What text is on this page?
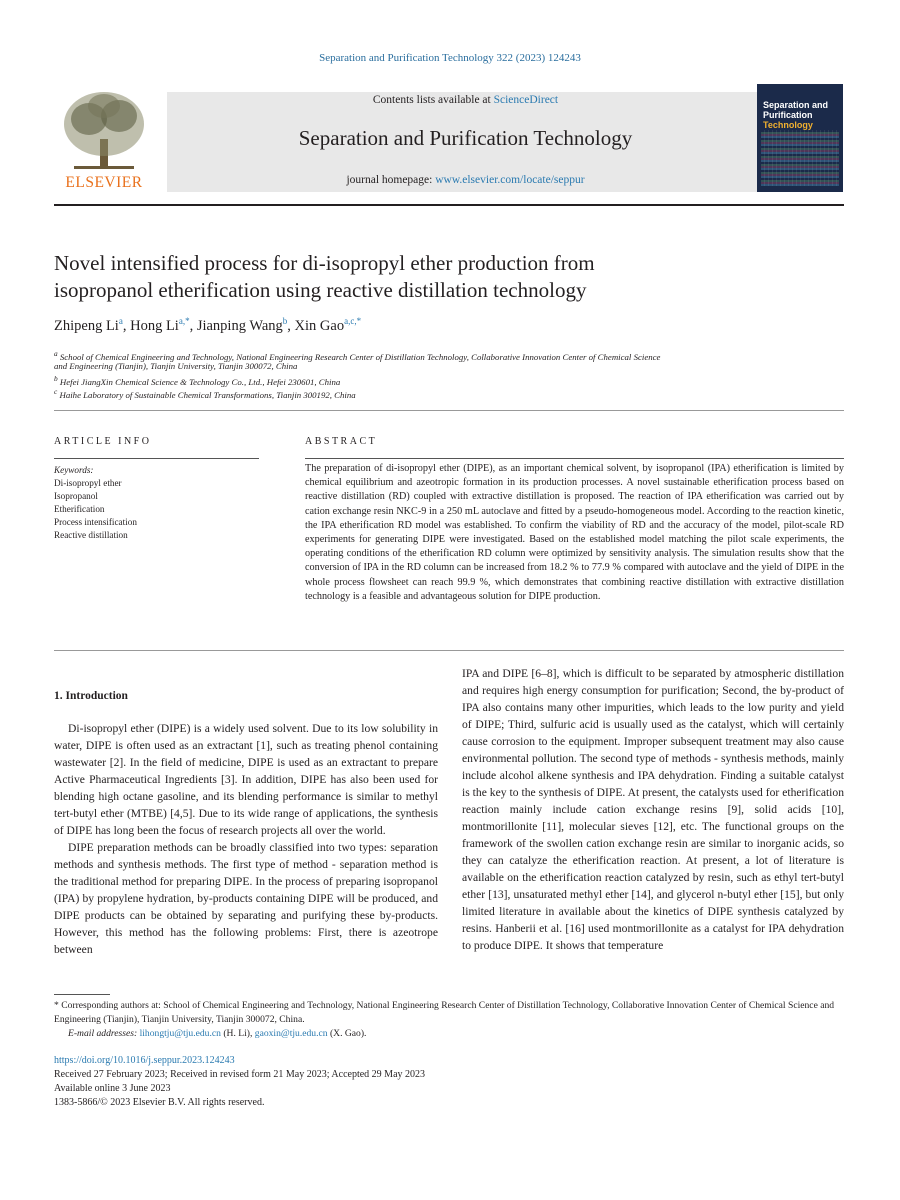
Separation and Purification Technology 322 (2023) 124243
ELSEVIER
Contents lists available at ScienceDirect
Separation and Purification Technology
journal homepage: www.elsevier.com/locate/seppur
Separation and
Purification
Technology
Novel intensified process for di-isopropyl ether production from
isopropanol etherification using reactive distillation technology
Zhipeng Li$^a$, Hong $Li^{a,*}$, Jianping Wang$^b$, Xin Gao$^{a,c,*}$
$^a$ School of Chemical Engineering and Technology, National Engineering Research Center of Distillation Technology, Collaborative Innovation Center of Chemical Science
and Engineering (Tianjin), Tianjin University, Tianjin 300072, China
$^b$ Hefei JiangXin Chemical Science & Technology Co., Ltd., Hefei 230601, China
$^c$ Haihe Laboratory of Sustainable Chemical Transformations, Tianjin 300192, China
ARTICLE INFO	ABSTRACT
Keywords:
Di-isopropyl ether
Isopropanol
Etherification
Process intensification
Reactive distillation
The preparation of di-isopropyl ether (DIPE), as an important chemical solvent, by isopropanol (IPA) etherification is limited by chemical equilibrium and azeotropic formation in its production processes. A novel sustainable etherification process based on reactive distillation (RD) coupled with extractive distillation is proposed. The reaction of IPA etherification was carried out by cation exchange resin NKC-9 in a 250 mL autoclave and fitted by a pseudo-homogeneous model. According to the reaction kinetic, the IPA etherification RD model was established. To confirm the viability of RD and the accuracy of the model, pilot-scale RD experiments for generating DIPE were investigated. Based on the established model matching the pilot scale experiments, the operating conditions of the etherification RD column were optimized by sensitivity analysis. The simulation results show that the conversion of IPA in the RD column can be increased from 18.2 % to 77.9 % compared with autoclave and the yield of DIPE in the whole process flowsheet can reach 99.9 %, which demonstrates that combining reactive distillation with extractive distillation technology is a feasible and advantageous solution for DIPE production.
1. Introduction

Di-isopropyl ether (DIPE) is a widely used solvent. Due to its low solubility in water, DIPE is often used as an extractant [1], such as treating phenol containing wastewater [2]. In the field of medicine, DIPE is used as an extractant to prepare Active Pharmaceutical Ingredients [3]. In addition, DIPE has also been used for blending high octane gasoline, and its blending performance is similar to methyl tert-butyl ether (MTBE) [4,5]. Due to its wide range of applications, the synthesis of DIPE has long been the focus of research projects all over the world.

DIPE preparation methods can be broadly classified into two types: separation methods and synthesis methods. The first type of method - separation method is the traditional method for preparing DIPE. In the process of preparing isopropanol (IPA) by propylene hydration, by-products containing DIPE will be produced, and DIPE products can be obtained by separating and purifying these by-products. However, this method has the following problems: First, there is azeotrope between

IPA and DIPE [6–8], which is difficult to be separated by atmospheric distillation and requires high energy consumption for purification; Second, the by-product of IPA also contains many other impurities, which leads to the low purity and yield of DIPE; Third, sulfuric acid is usually used as the catalyst, which will certainly cause corrosion to the equipment. Improper subsequent treatment may also cause environmental pollution. The second type of methods - synthesis methods, mainly include alcohol alkene synthesis and IPA dehydration. Finding a suitable catalyst is the key to the synthesis of DIPE. At present, the catalysts used for etherification reaction mainly include cation exchange resins [9], solid acids [10], montmorillonite [11], molecular sieves [12], etc. The functional groups on the framework of the swollen cation exchange resin are similar to inorganic acids, so they can catalyze the etherification reaction. At present, a lot of literature is available on the etherification reaction catalyzed by resin, such as ethyl tert-butyl ether [13], unsaturated methyl ether [14], and glycerol n-butyl ether [15], but only limited literature in available about the kinetics of DIPE synthesis catalyzed by resins. Hanberii et al. [16] used montmorillonite as a catalyst for IPA dehydration to produce DIPE. It shows that temperature

* Corresponding authors at: School of Chemical Engineering and Technology, National Engineering Research Center of Distillation Technology, Collaborative Innovation Center of Chemical Science and Engineering (Tianjin), Tianjin University, Tianjin 300072, China.

E-mail addresses: lihongtju@tju.edu.cn (H. Li), gaoxin@tju.edu.cn (X. Gao).

https://doi.org/10.1016/j.seppur.2023.124243
Received 27 February 2023; Received in revised form 21 May 2023; Accepted 29 May 2023
Available online 3 June 2023
1383-5866/© 2023 Elsevier B.V. All rights reserved.
